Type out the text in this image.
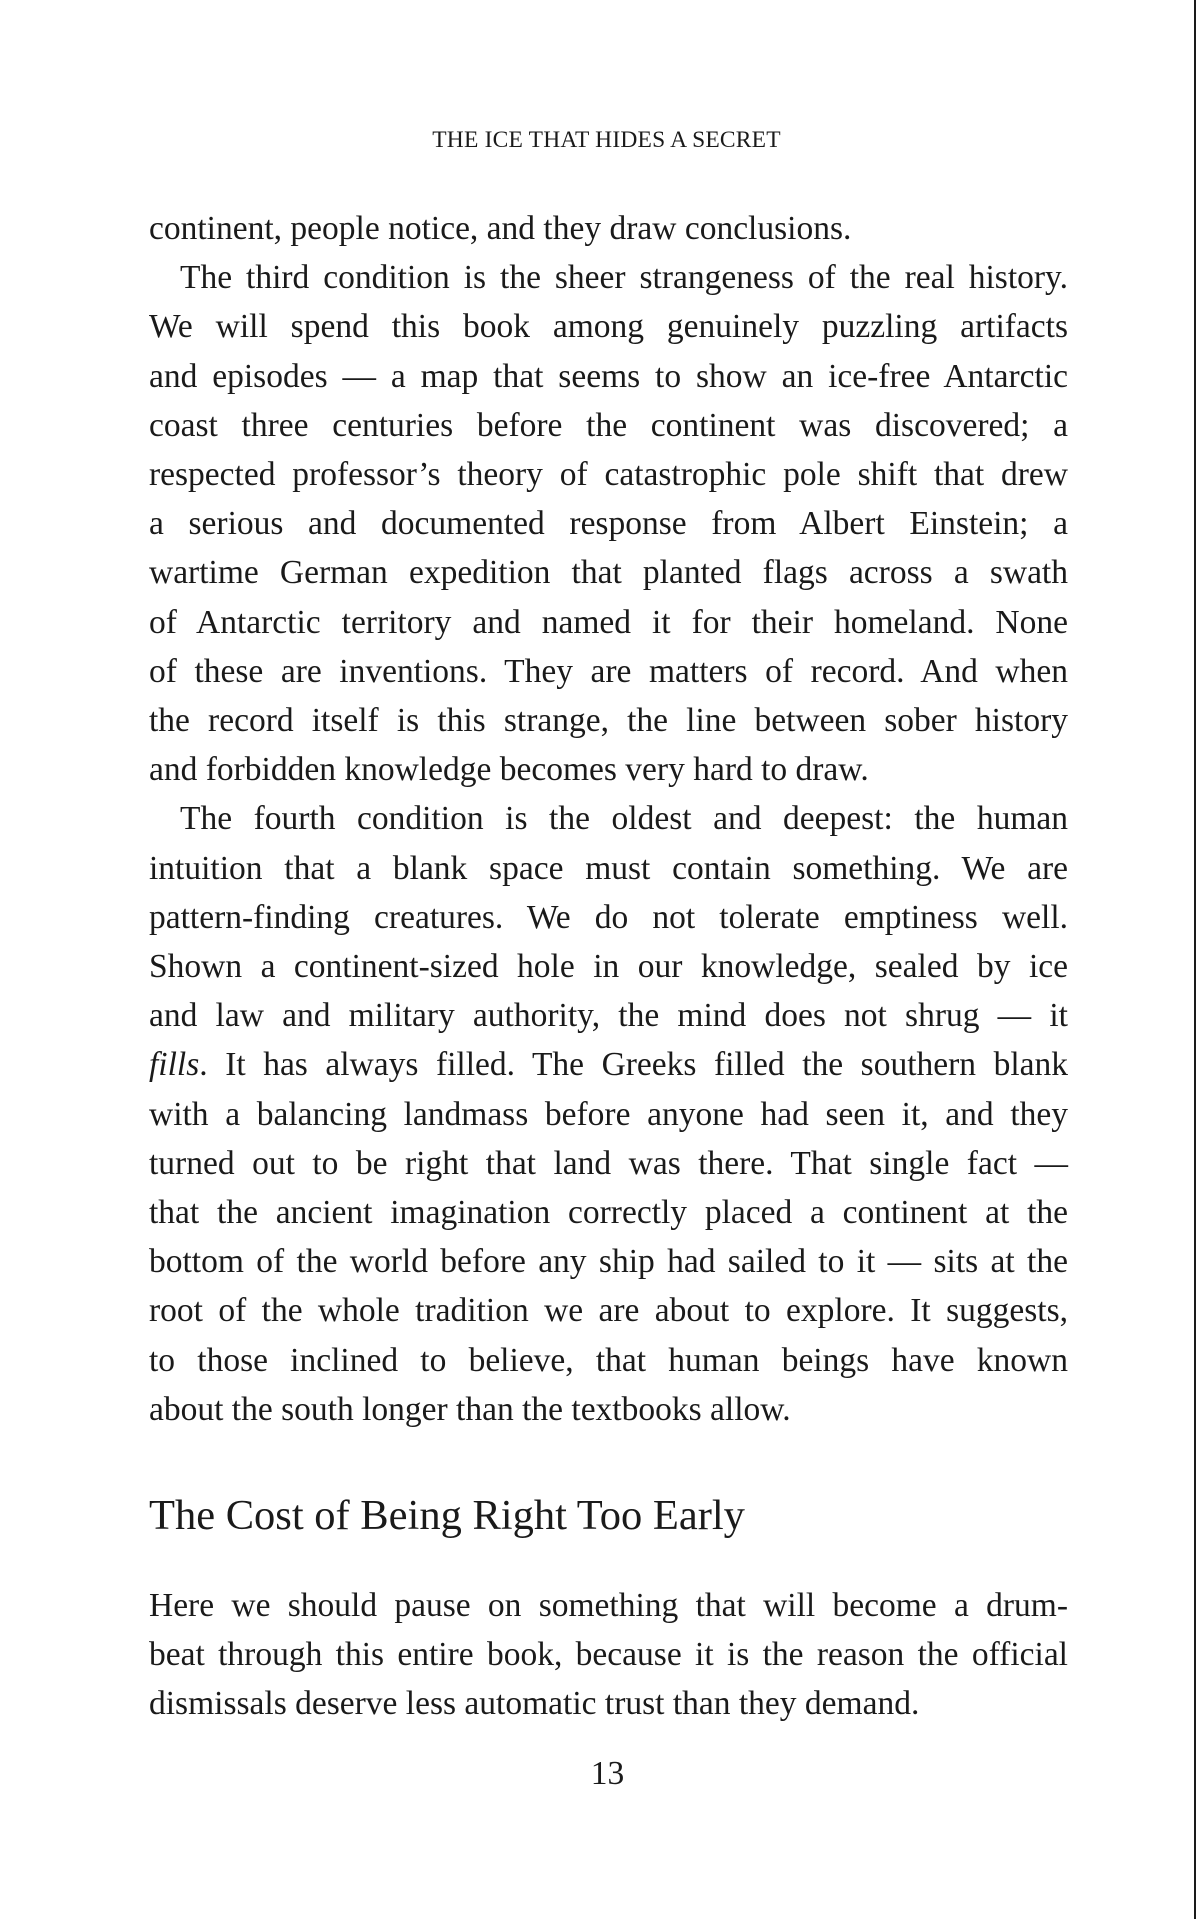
THE ICE THAT HIDES A SECRET

continent, people notice, and they draw conclusions.

The third condition is the sheer strangeness of the real history.
We will spend this book among genuinely puzzling artifacts
and episodes — a map that seems to show an ice-free Antarctic
coast three centuries before the continent was discovered; a
respected professor’s theory of catastrophic pole shift that drew
a serious and documented response from Albert Einstein; a
wartime German expedition that planted flags across a swath
of Antarctic territory and named it for their homeland. None
of these are inventions. They are matters of record. And when
the record itself is this strange, the line between sober history
and forbidden knowledge becomes very hard to draw.

The fourth condition is the oldest and deepest: the human
intuition that a blank space must contain something. We are
pattern-finding creatures. We do not tolerate emptiness well.
Shown a continent-sized hole in our knowledge, sealed by ice
and law and military authority, the mind does not shrug — it
fills. It has always filled. The Greeks filled the southern blank
with a balancing landmass before anyone had seen it, and they
turned out to be right that land was there. That single fact —
that the ancient imagination correctly placed a continent at the
bottom of the world before any ship had sailed to it — sits at the
root of the whole tradition we are about to explore. It suggests,
to those inclined to believe, that human beings have known
about the south longer than the textbooks allow.

The Cost of Being Right Too Early

Here we should pause on something that will become a drum-
beat through this entire book, because it is the reason the official
dismissals deserve less automatic trust than they demand.

13
